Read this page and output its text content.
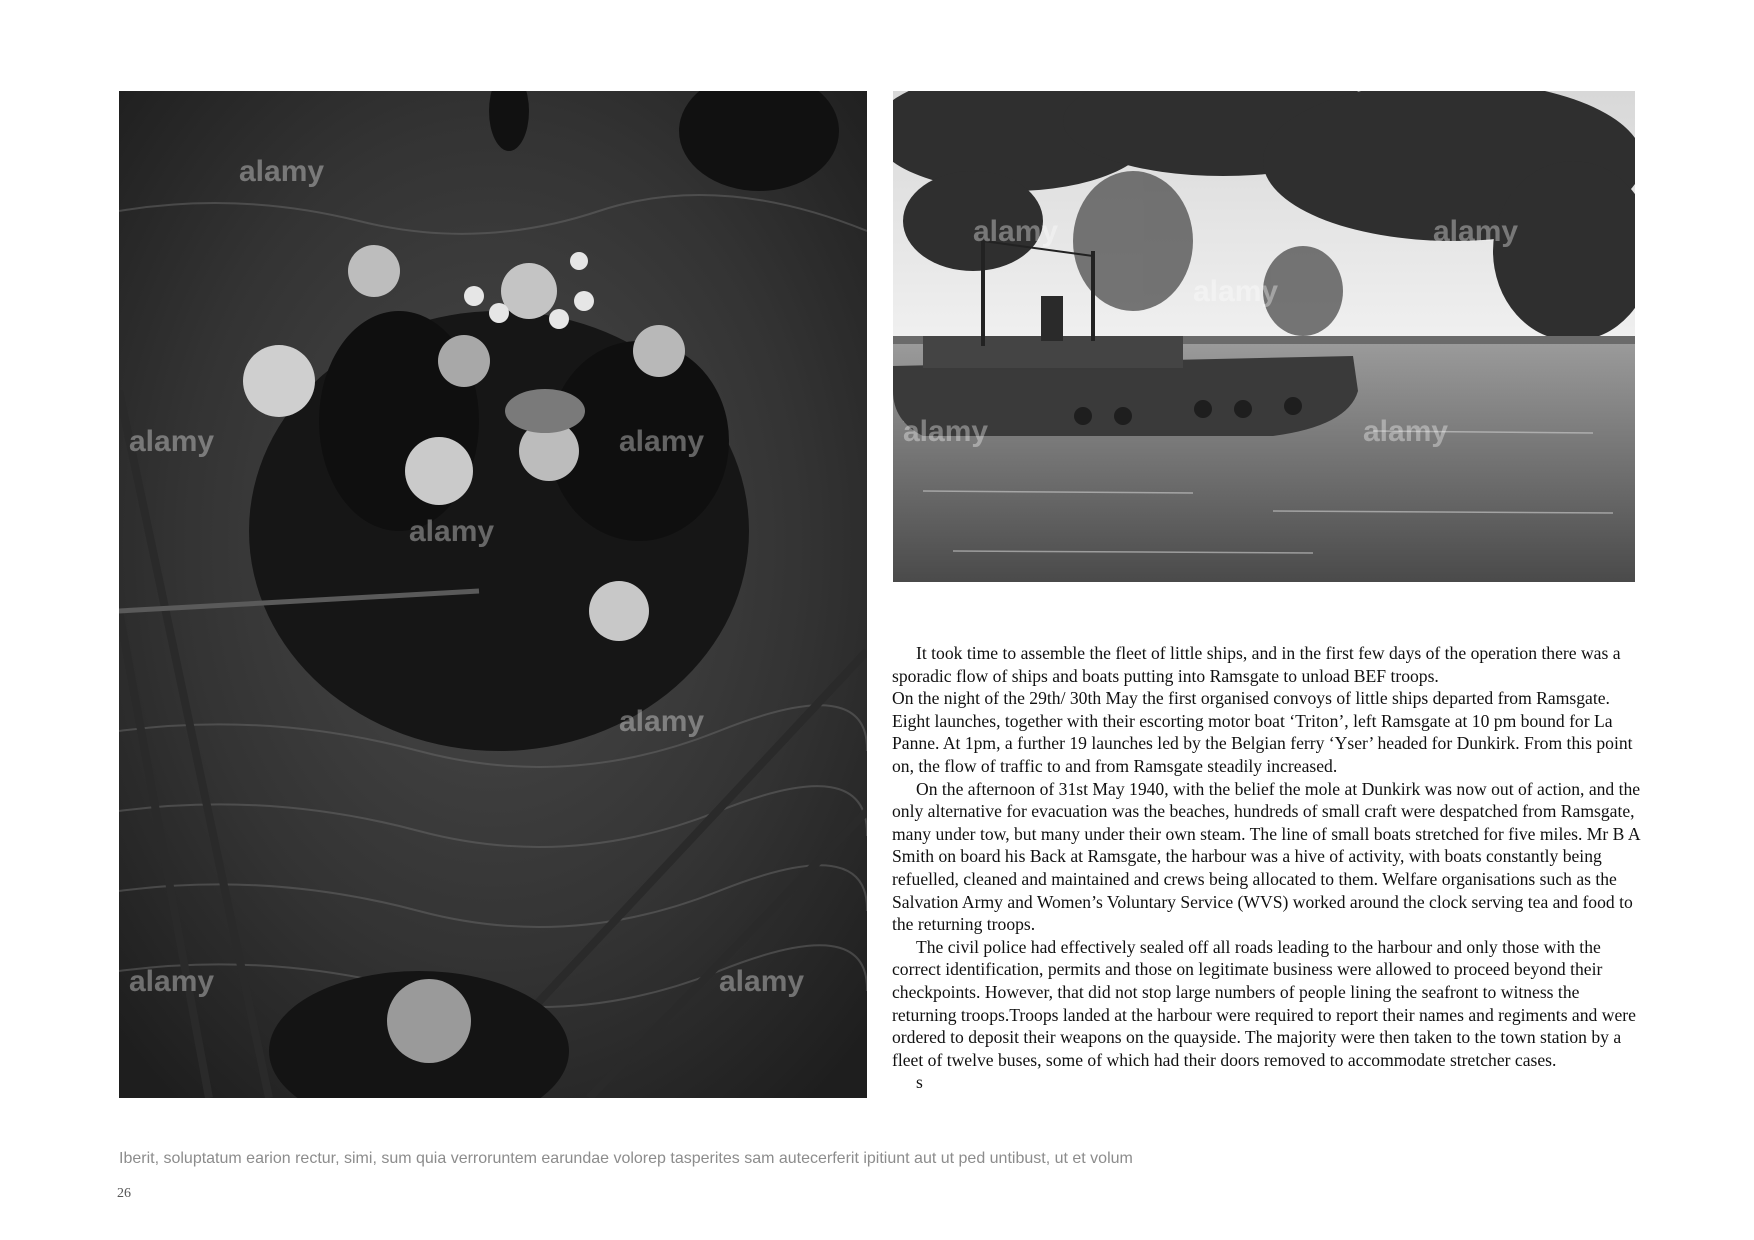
alamy
alamy
alamy
alamy
alamy
alamy	alamy
alamy
alamy
alamy
alamy	alamy

It took time to assemble the fleet of little ships, and in the first few days of the operation there was a sporadic flow of ships and boats putting into Ramsgate to unload BEF troops.

On the night of the 29th/ 30th May the first organised convoys of little ships departed from Ramsgate. Eight launches, together with their escorting motor boat ‘Triton’, left Ramsgate at 10 pm bound for La Panne. At 1pm, a further 19 launches led by the Belgian ferry ‘Yser’ headed for Dunkirk. From this point on, the flow of traffic to and from Ramsgate steadily increased.

On the afternoon of 31st May 1940, with the belief the mole at Dunkirk was now out of action, and the only alternative for evacuation was the beaches, hundreds of small craft were despatched from Ramsgate, many under tow, but many under their own steam. The line of small boats stretched for five miles. Mr B A Smith on board his Back at Ramsgate, the harbour was a hive of activity, with boats constantly being refuelled, cleaned and maintained and crews being allocated to them. Welfare organisations such as the Salvation Army and Women’s Voluntary Service (WVS) worked around the clock serving tea and food to the returning troops.

The civil police had effectively sealed off all roads leading to the harbour and only those with the correct identification, permits and those on legitimate business were allowed to proceed beyond their checkpoints. However, that did not stop large numbers of people lining the seafront to witness the returning troops.Troops landed at the harbour were required to report their names and regiments and were ordered to deposit their weapons on the quayside. The majority were then taken to the town station by a fleet of twelve buses, some of which had their doors removed to accommodate stretcher cases.

s

Iberit, soluptatum earion rectur, simi, sum quia verroruntem earundae volorep tasperites sam autecerferit ipitiunt aut ut ped untibust, ut et volum
26
